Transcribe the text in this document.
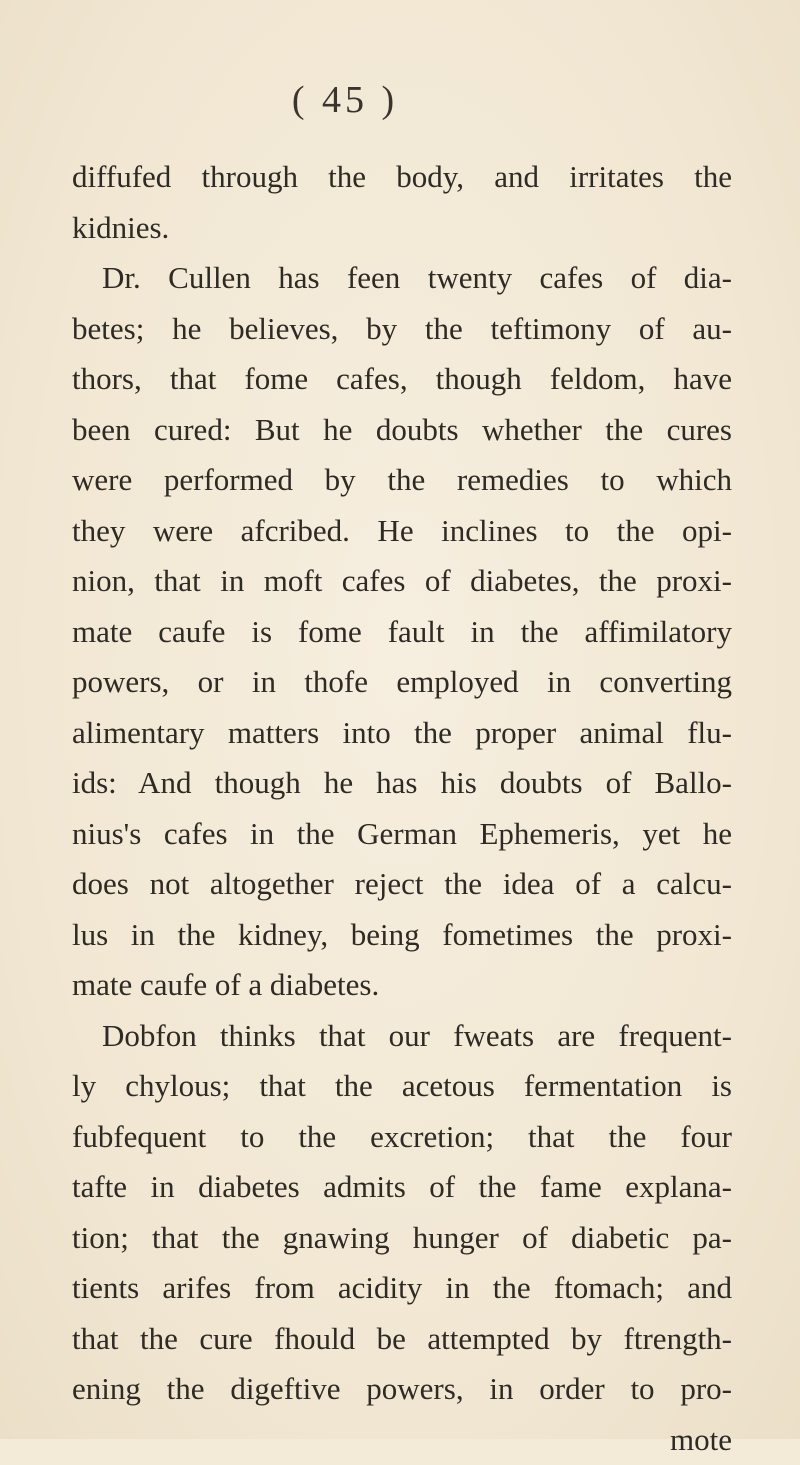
( 45 )
diffufed through the body, and irritates the
kidnies.
Dr. Cullen has feen twenty cafes of dia-
betes; he believes, by the teftimony of au-
thors, that fome cafes, though feldom, have
been cured: But he doubts whether the cures
were performed by the remedies to which
they were afcribed. He inclines to the opi-
nion, that in moft cafes of diabetes, the proxi-
mate caufe is fome fault in the affimilatory
powers, or in thofe employed in converting
alimentary matters into the proper animal flu-
ids: And though he has his doubts of Ballo-
nius's cafes in the German Ephemeris, yet he
does not altogether reject the idea of a calcu-
lus in the kidney, being fometimes the proxi-
mate caufe of a diabetes.
Dobfon thinks that our fweats are frequent-
ly chylous; that the acetous fermentation is
fubfequent to the excretion; that the four
tafte in diabetes admits of the fame explana-
tion; that the gnawing hunger of diabetic pa-
tients arifes from acidity in the ftomach; and
that the cure fhould be attempted by ftrength-
ening the digeftive powers, in order to pro-
mote
